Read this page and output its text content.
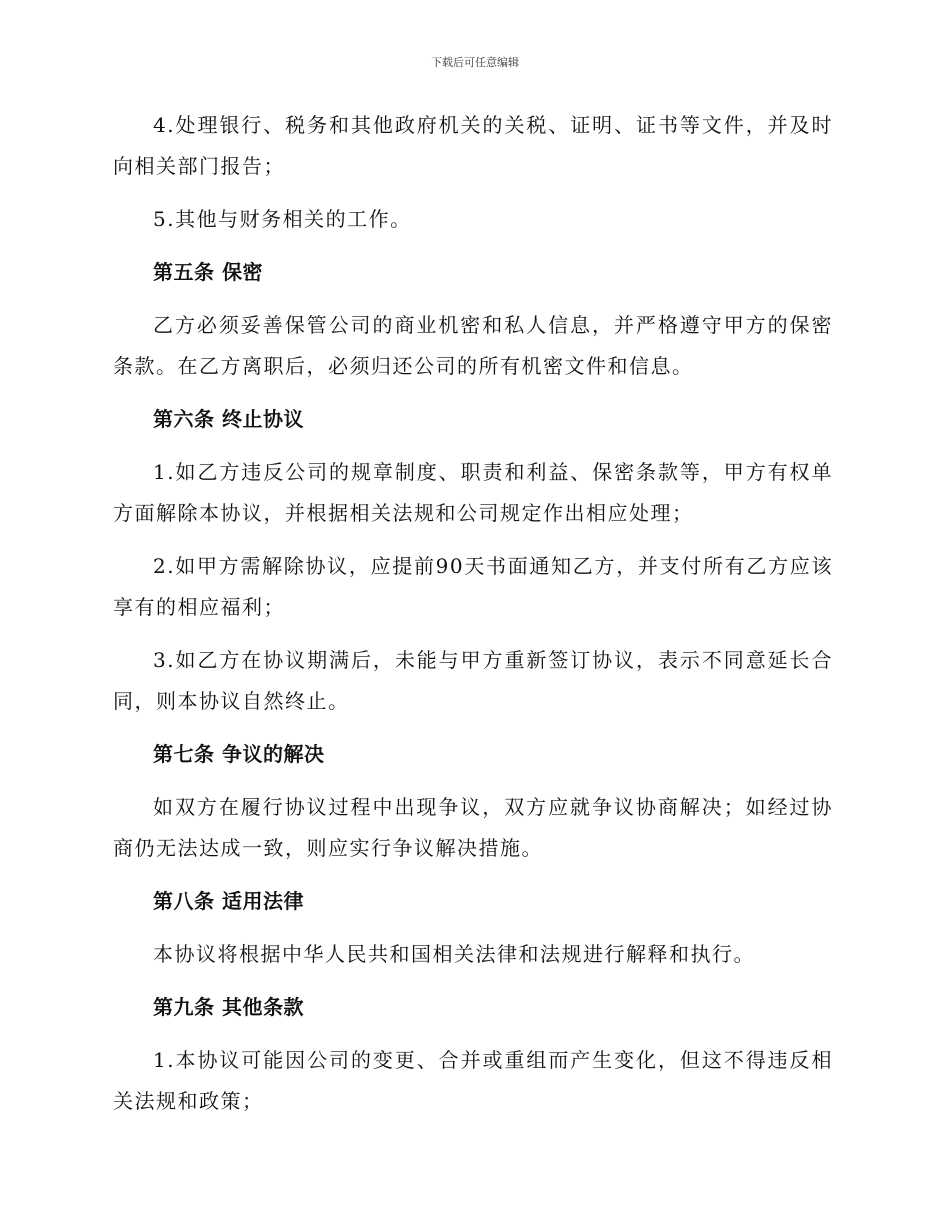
下载后可任意编辑

4.处理银行、税务和其他政府机关的关税、证明、证书等文件，并及时向相关部门报告；

5.其他与财务相关的工作。

第五条 保密

乙方必须妥善保管公司的商业机密和私人信息，并严格遵守甲方的保密条款。在乙方离职后，必须归还公司的所有机密文件和信息。

第六条 终止协议

1.如乙方违反公司的规章制度、职责和利益、保密条款等，甲方有权单方面解除本协议，并根据相关法规和公司规定作出相应处理；

2.如甲方需解除协议，应提前90天书面通知乙方，并支付所有乙方应该享有的相应福利；

3.如乙方在协议期满后，未能与甲方重新签订协议，表示不同意延长合同，则本协议自然终止。

第七条 争议的解决

如双方在履行协议过程中出现争议，双方应就争议协商解决；如经过协商仍无法达成一致，则应实行争议解决措施。

第八条 适用法律

本协议将根据中华人民共和国相关法律和法规进行解释和执行。

第九条 其他条款

1.本协议可能因公司的变更、合并或重组而产生变化，但这不得违反相关法规和政策；
